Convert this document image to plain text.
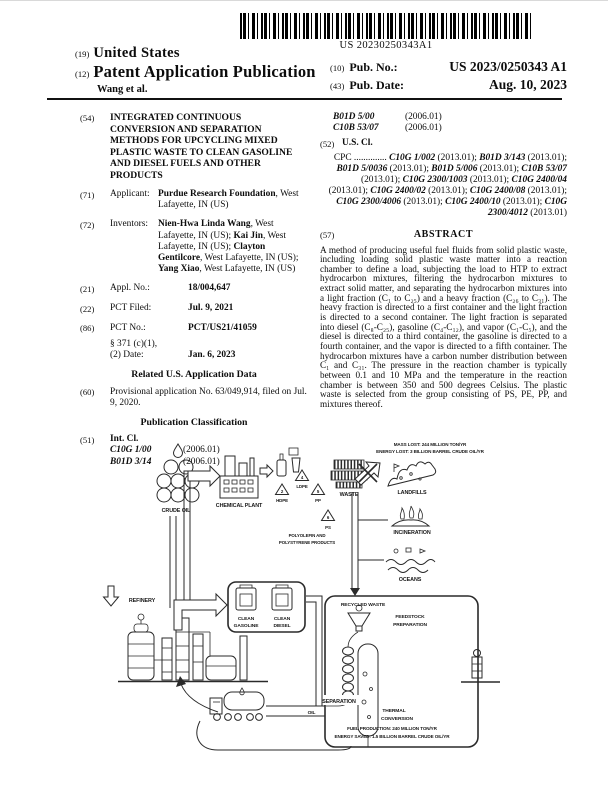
US 20230250343A1
(19) United States
(12) Patent Application Publication
Wang et al.
(10) Pub. No.:	US 2023/0250343 A1
(43) Pub. Date:	Aug. 10, 2023
(54)	INTEGRATED CONTINUOUS CONVERSION AND SEPARATION METHODS FOR UPCYCLING MIXED PLASTIC WASTE TO CLEAN GASOLINE AND DIESEL FUELS AND OTHER PRODUCTS
(71)	Applicant: Purdue Research Foundation, West Lafayette, IN (US)
(72)	Inventors:	Nien-Hwa Linda Wang, West Lafayette, IN (US); Kai Jin, West Lafayette, IN (US); Clayton Gentilcore, West Lafayette, IN (US); Yang Xiao, West Lafayette, IN (US)
(21)	Appl. No.:	18/004,647
(22)	PCT Filed:	Jul. 9, 2021
(86)	PCT No.:	PCT/US21/41059
§ 371 (c)(1),
(2) Date:	Jan. 6, 2023
Related U.S. Application Data
(60)	Provisional application No. 63/049,914, filed on Jul. 9, 2020.
Publication Classification
(51)	Int. Cl.
C10G 1/00	(2006.01)
B01D 3/14	(2006.01)
B01D 5/00	(2006.01)
C10B 53/07	(2006.01)
(52) U.S. Cl.
CPC .............. C10G 1/002 (2013.01); B01D 3/143 (2013.01); B01D 5/0036 (2013.01); B01D 5/006 (2013.01); C10B 53/07 (2013.01); C10G 2300/1003 (2013.01); C10G 2400/04 (2013.01); C10G 2400/02 (2013.01); C10G 2400/08 (2013.01); C10G 2300/4006 (2013.01); C10G 2400/10 (2013.01); C10G 2300/4012 (2013.01)
(57)	ABSTRACT
A method of producing useful fuel fluids from solid plastic waste, including loading solid plastic waste matter into a reaction chamber to define a load, subjecting the load to HTP to extract hydrocarbon mixtures, filtering the hydrocarbon mixtures to extract solid matter, and separating the hydrocarbon mixtures into a light fraction (C₁ to C₂₅) and a heavy fraction (C₂₆ to C₃₁). The heavy fraction is directed to a first container and the light fraction is directed to a second container. The light fraction is separated into diesel (C₈-C₂₅), gasoline (C₄-C₁₂), and vapor (C₁-C₅), and the diesel is directed to a third container, the gasoline is directed to a fourth container, and the vapor is directed to a fifth container. The hydrocarbon mixtures have a carbon number distribution between C₁ and C₃₁. The pressure in the reaction chamber is typically between 0.1 and 10 MPa and the temperature in the reaction chamber is between 350 and 500 degrees Celsius. The plastic waste is selected from the group consisting of PS, PE, PP, and mixtures thereof.
MASS LOST: 244 MILLION TON/YR
ENERGY LOST: 3 BILLION BARREL CRUDE OIL/YR
CRUDE OIL
CHEMICAL PLANT
2
HDPE
4
LDPE
5
PP
6
PS
POLYOLEFIN AND
POLYSTYRENE PRODUCTS
WASTE	LANDFILLS
INCINERATION
OCEANS
RECYCLED WASTE
FEEDSTOCK
PREPARATION
SEPARATION
THERMAL
CONVERSION
FUEL PRODUCTION: 240 MILLION TON/YR
ENERGY SAVED: 1.5 BILLION BARREL CRUDE OIL/YR
OIL
REFINERY
CLEAN
GASOLINE
CLEAN
DIESEL
